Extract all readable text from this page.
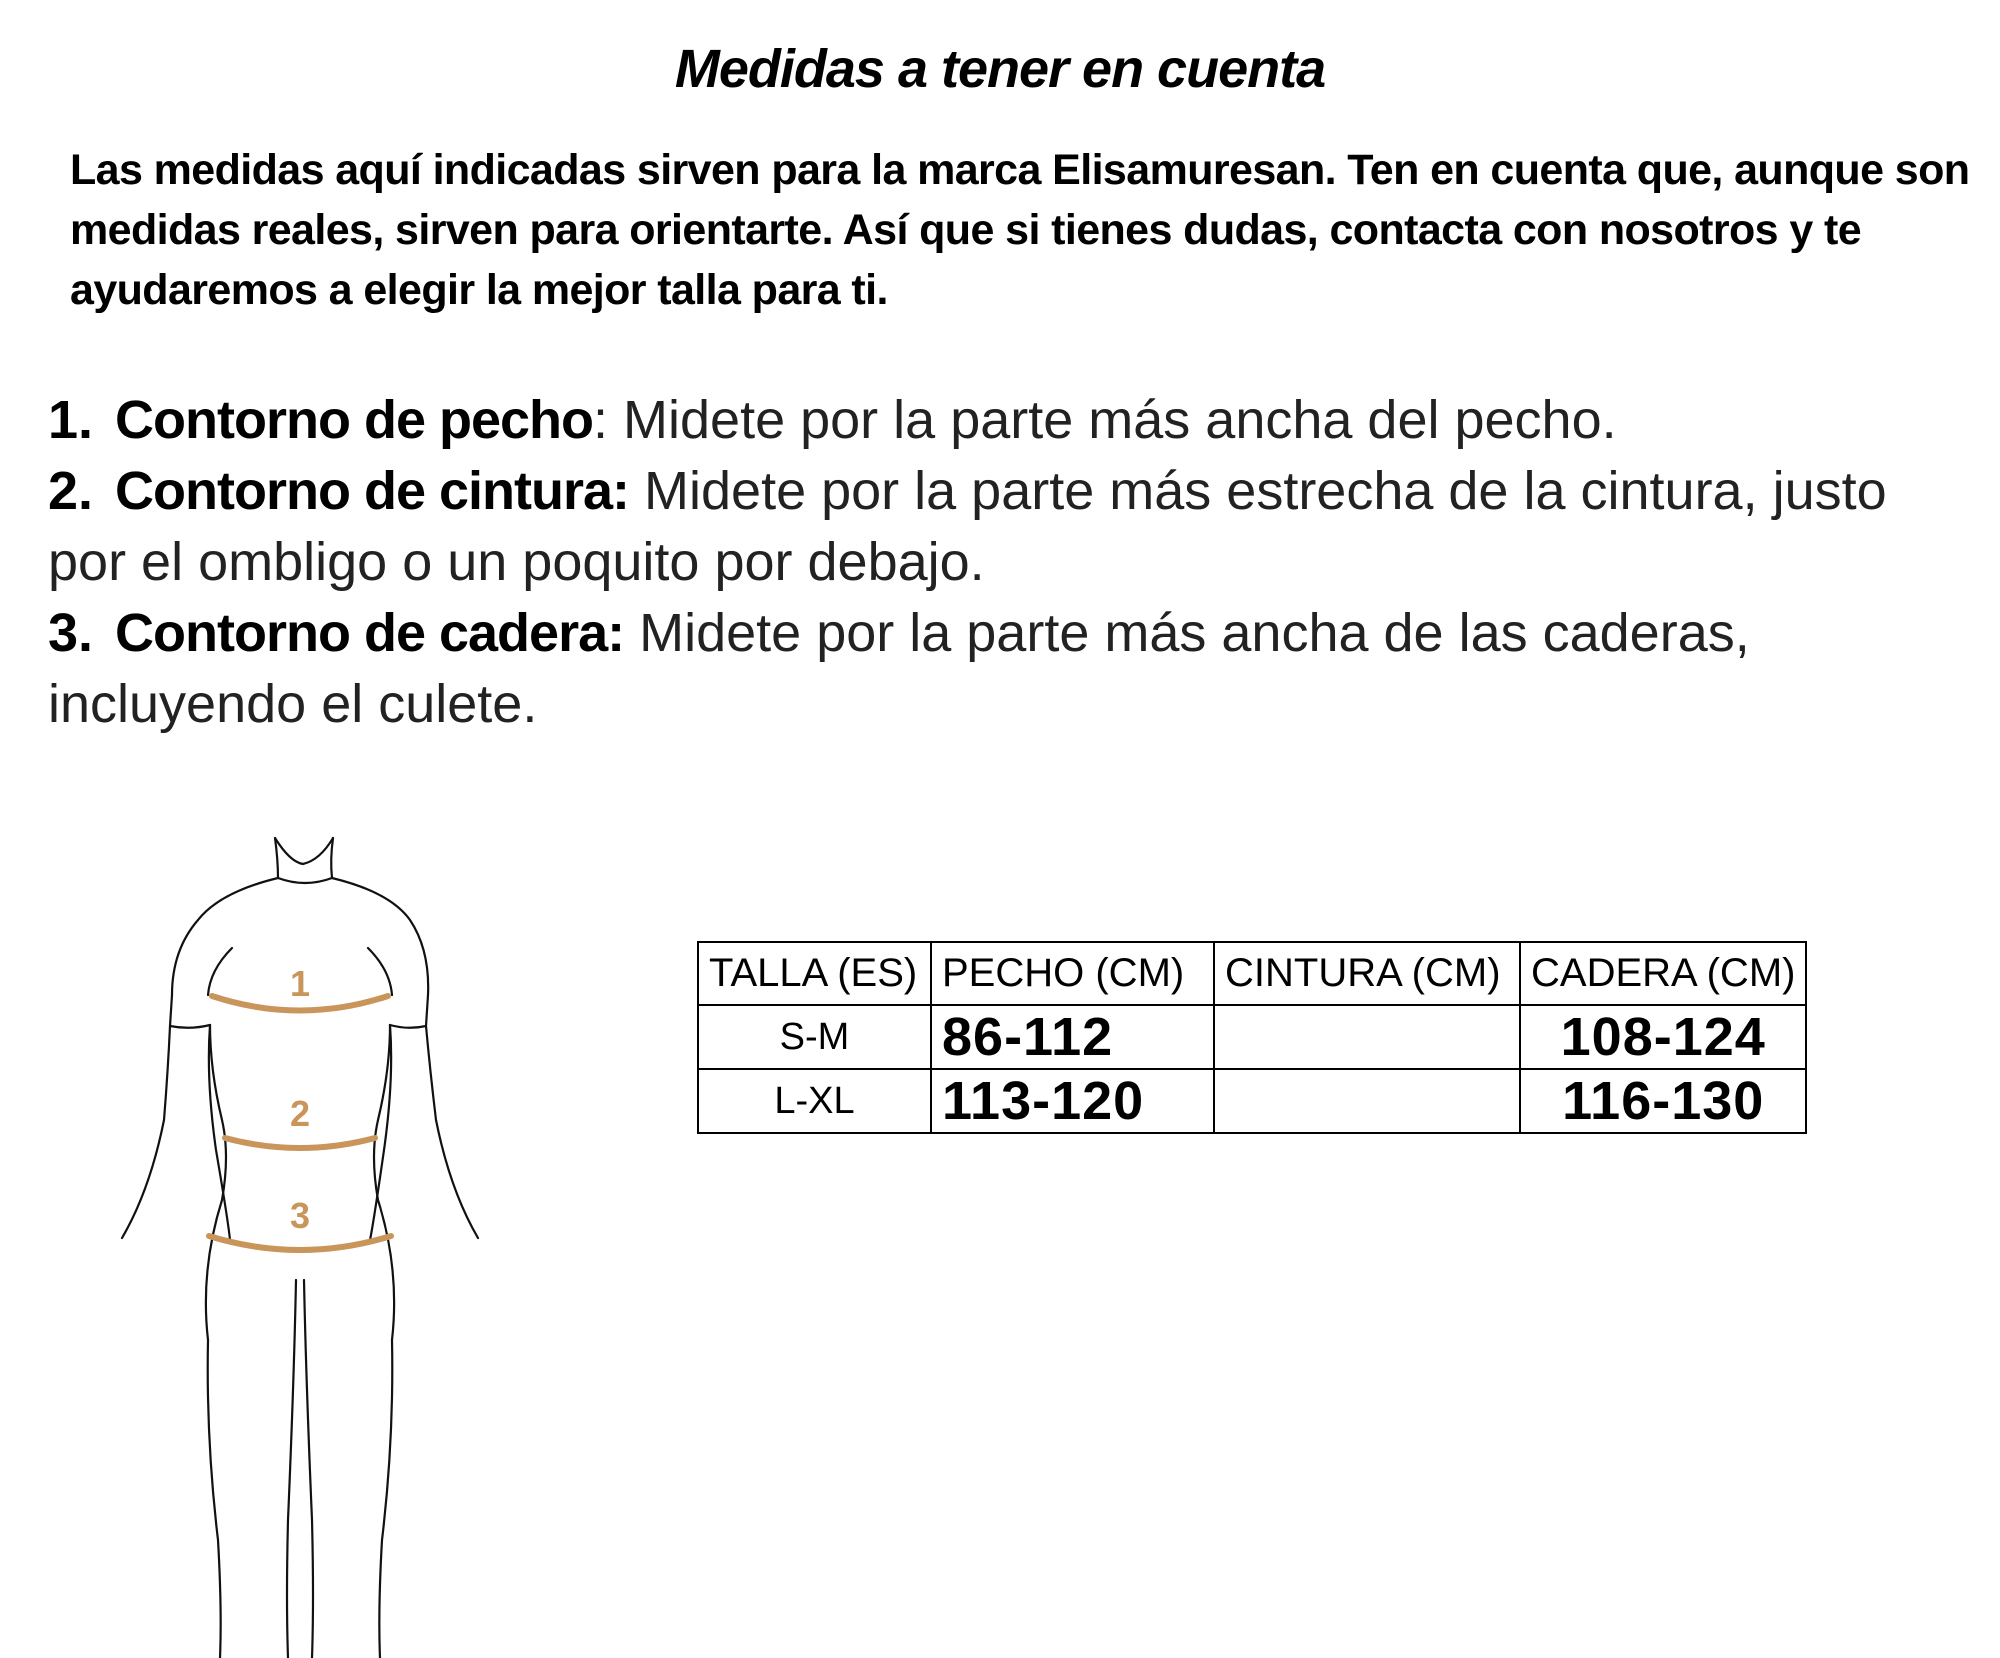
Medidas a tener en cuenta

Las medidas aquí indicadas sirven para la marca Elisamuresan. Ten en cuenta que, aunque son
medidas reales, sirven para orientarte. Así que si tienes dudas, contacta con nosotros y te
ayudaremos a elegir la mejor talla para ti.

1. Contorno de pecho: Midete por la parte más ancha del pecho.
2. Contorno de cintura: Midete por la parte más estrecha de la cintura, justo por el ombligo o un poquito por debajo.
3. Contorno de cadera: Midete por la parte más ancha de las caderas, incluyendo el culete.
1
2
3
TALLA (ES)	PECHO (CM)	CINTURA (CM)	CADERA (CM)
S-M	86-112		108-124
L-XL	113-120		116-130
